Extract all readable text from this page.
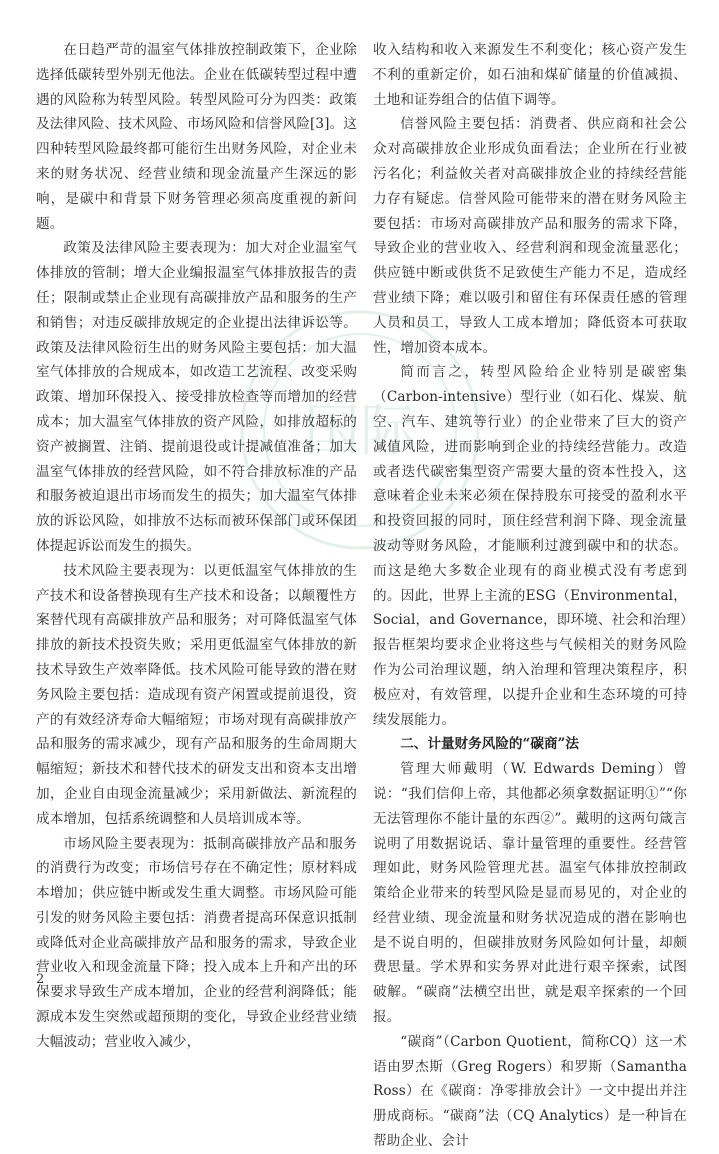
国际

在日趋严苛的温室气体排放控制政策下，企业除选择低碳转型外别无他法。企业在低碳转型过程中遭遇的风险称为转型风险。转型风险可分为四类：政策及法律风险、技术风险、市场风险和信誉风险[3]。这四种转型风险最终都可能衍生出财务风险，对企业未来的财务状况、经营业绩和现金流量产生深远的影响，是碳中和背景下财务管理必须高度重视的新问题。

政策及法律风险主要表现为：加大对企业温室气体排放的管制；增大企业编报温室气体排放报告的责任；限制或禁止企业现有高碳排放产品和服务的生产和销售；对违反碳排放规定的企业提出法律诉讼等。政策及法律风险衍生出的财务风险主要包括：加大温室气体排放的合规成本，如改造工艺流程、改变采购政策、增加环保投入、接受排放检查等而增加的经营成本；加大温室气体排放的资产风险，如排放超标的资产被搁置、注销、提前退役或计提减值准备；加大温室气体排放的经营风险，如不符合排放标准的产品和服务被迫退出市场而发生的损失；加大温室气体排放的诉讼风险，如排放不达标而被环保部门或环保团体提起诉讼而发生的损失。

技术风险主要表现为：以更低温室气体排放的生产技术和设备替换现有生产技术和设备；以颠覆性方案替代现有高碳排放产品和服务；对可降低温室气体排放的新技术投资失败；采用更低温室气体排放的新技术导致生产效率降低。技术风险可能导致的潜在财务风险主要包括：造成现有资产闲置或提前退役，资产的有效经济寿命大幅缩短；市场对现有高碳排放产品和服务的需求减少，现有产品和服务的生命周期大幅缩短；新技术和替代技术的研发支出和资本支出增加，企业自由现金流量减少；采用新做法、新流程的成本增加，包括系统调整和人员培训成本等。

市场风险主要表现为：抵制高碳排放产品和服务的消费行为改变；市场信号存在不确定性；原材料成本增加；供应链中断或发生重大调整。市场风险可能引发的财务风险主要包括：消费者提高环保意识抵制或降低对企业高碳排放产品和服务的需求，导致企业营业收入和现金流量下降；投入成本上升和产出的环保要求导致生产成本增加，企业的经营利润降低；能源成本发生突然或超预期的变化，导致企业经营业绩大幅波动；营业收入减少，

收入结构和收入来源发生不利变化；核心资产发生不利的重新定价，如石油和煤矿储量的价值减损、土地和证券组合的估值下调等。

信誉风险主要包括：消费者、供应商和社会公众对高碳排放企业形成负面看法；企业所在行业被污名化；利益攸关者对高碳排放企业的持续经营能力存有疑虑。信誉风险可能带来的潜在财务风险主要包括：市场对高碳排放产品和服务的需求下降，导致企业的营业收入、经营利润和现金流量恶化；供应链中断或供货不足致使生产能力不足，造成经营业绩下降；难以吸引和留住有环保责任感的管理人员和员工，导致人工成本增加；降低资本可获取性，增加资本成本。

简而言之，转型风险给企业特别是碳密集（Carbon-intensive）型行业（如石化、煤炭、航空、汽车、建筑等行业）的企业带来了巨大的资产减值风险，进而影响到企业的持续经营能力。改造或者迭代碳密集型资产需要大量的资本性投入，这意味着企业未来必须在保持股东可接受的盈利水平和投资回报的同时，顶住经营利润下降、现金流量波动等财务风险，才能顺利过渡到碳中和的状态。而这是绝大多数企业现有的商业模式没有考虑到的。因此，世界上主流的ESG（Environmental，Social，and Governance，即环境、社会和治理）报告框架均要求企业将这些与气候相关的财务风险作为公司治理议题，纳入治理和管理决策程序，积极应对，有效管理，以提升企业和生态环境的可持续发展能力。

二、计量财务风险的“碳商”法

管理大师戴明（W. Edwards Deming）曾说：“我们信仰上帝，其他都必须拿数据证明①”“你无法管理你不能计量的东西②”。戴明的这两句箴言说明了用数据说话、靠计量管理的重要性。经营管理如此，财务风险管理尤甚。温室气体排放控制政策给企业带来的转型风险是显而易见的，对企业的经营业绩、现金流量和财务状况造成的潜在影响也是不说自明的，但碳排放财务风险如何计量，却颇费思量。学术界和实务界对此进行艰辛探索，试图破解。“碳商”法横空出世，就是艰辛探索的一个回报。

“碳商”（Carbon Quotient，简称CQ）这一术语由罗杰斯（Greg Rogers）和罗斯（Samantha Ross）在《碳商：净零排放会计》一文中提出并注册成商标。“碳商”法（CQ Analytics）是一种旨在帮助企业、会计

2
